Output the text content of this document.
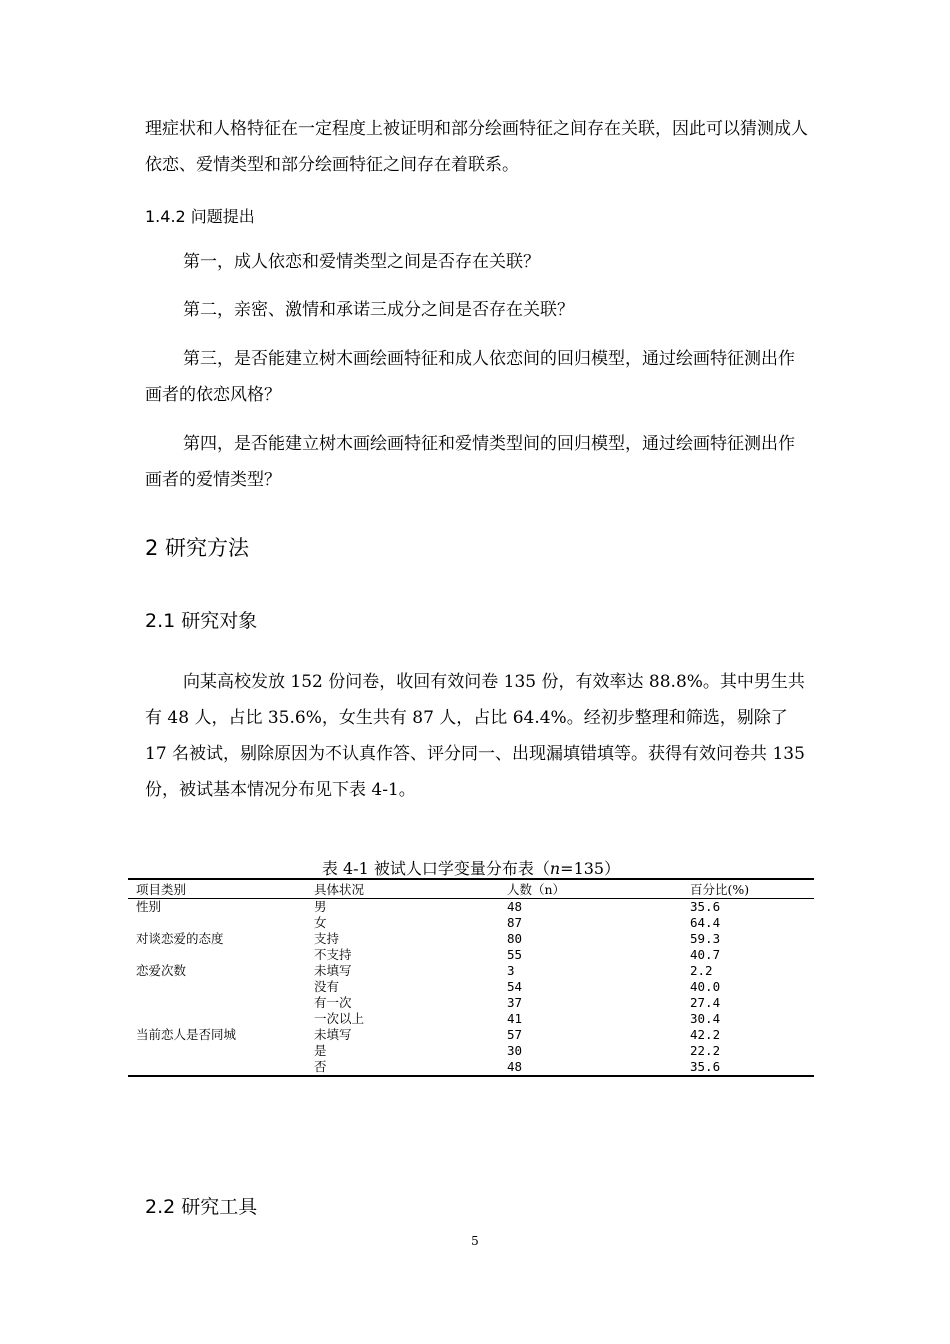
理症状和人格特征在一定程度上被证明和部分绘画特征之间存在关联，因此可以猜测成人依恋、爱情类型和部分绘画特征之间存在着联系。

1.4.2 问题提出

第一，成人依恋和爱情类型之间是否存在关联？

第二，亲密、激情和承诺三成分之间是否存在关联？

第三，是否能建立树木画绘画特征和成人依恋间的回归模型，通过绘画特征测出作画者的依恋风格？

第四，是否能建立树木画绘画特征和爱情类型间的回归模型，通过绘画特征测出作画者的爱情类型？

2 研究方法

2.1 研究对象

向某高校发放 152 份问卷，收回有效问卷 135 份，有效率达 88.8%。其中男生共有 48 人，占比 35.6%，女生共有 87 人，占比 64.4%。经初步整理和筛选，剔除了 17 名被试，剔除原因为不认真作答、评分同一、出现漏填错填等。获得有效问卷共 135 份，被试基本情况分布见下表 4-1。

表 4-1 被试人口学变量分布表（n=135）
项目类别	具体状况	人数（n）	百分比(%)
性别	男	48	35.6
	女	87	64.4
对谈恋爱的态度	支持	80	59.3
	不支持	55	40.7
恋爱次数	未填写	3	2.2
	没有	54	40.0
	有一次	37	27.4
	一次以上	41	30.4
当前恋人是否同城	未填写	57	42.2
	是	30	22.2
	否	48	35.6

2.2 研究工具

5
